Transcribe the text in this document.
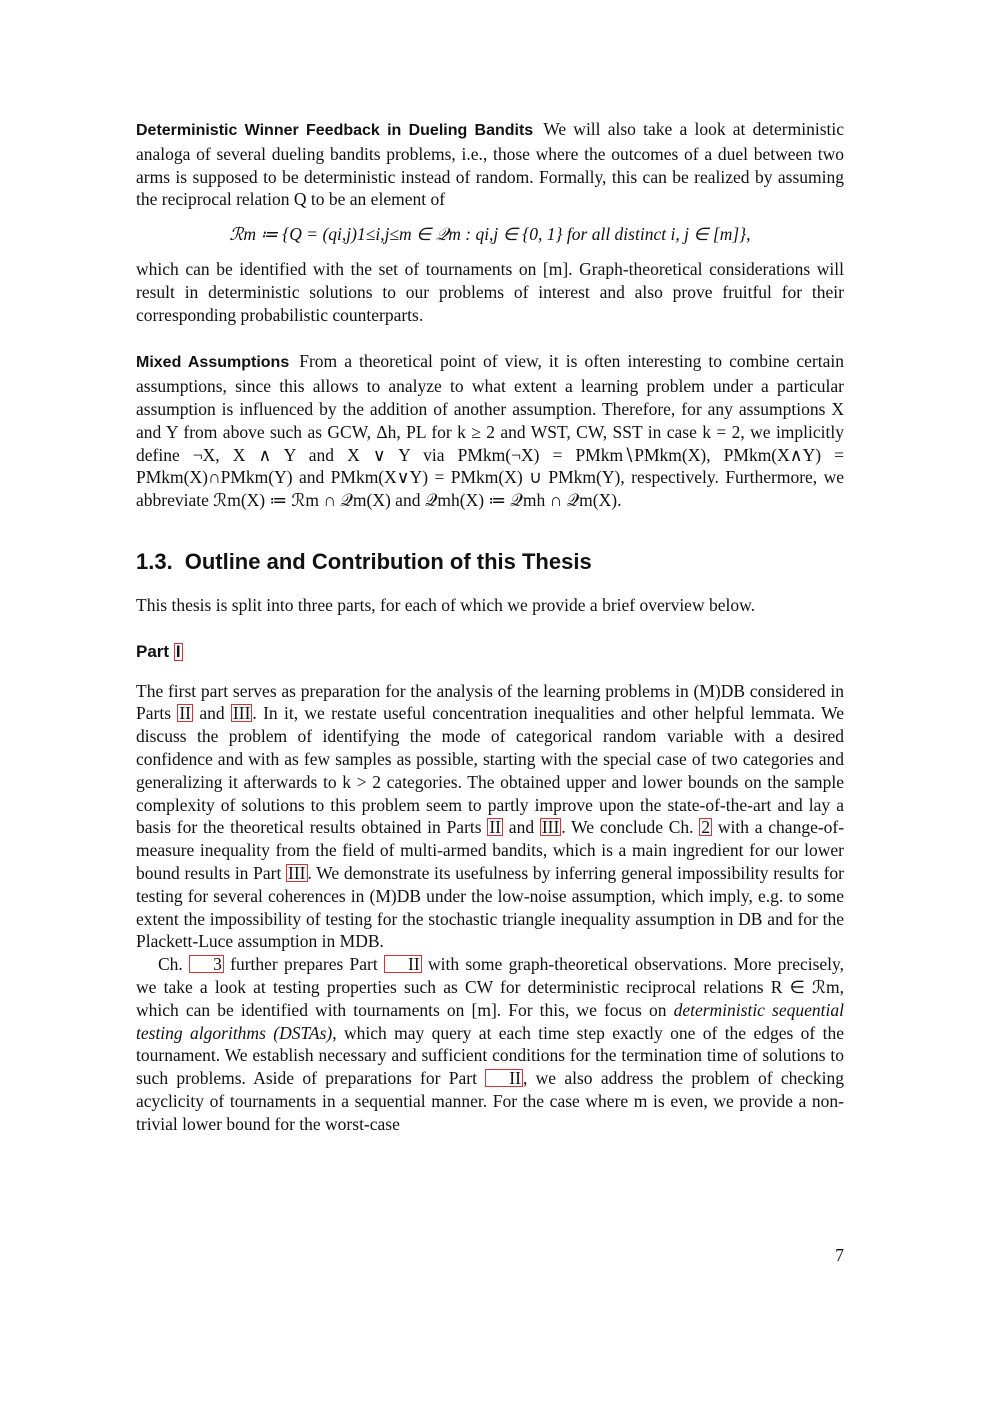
Deterministic Winner Feedback in Dueling Bandits We will also take a look at deterministic analoga of several dueling bandits problems, i.e., those where the outcomes of a duel between two arms is supposed to be deterministic instead of random. Formally, this can be realized by assuming the reciprocal relation Q to be an element of

ℛm ≔ {Q = (qi,j)1≤i,j≤m ∈ 𝒬m : qi,j ∈ {0, 1} for all distinct i, j ∈ [m]},

which can be identified with the set of tournaments on [m]. Graph-theoretical considerations will result in deterministic solutions to our problems of interest and also prove fruitful for their corresponding probabilistic counterparts.

Mixed Assumptions From a theoretical point of view, it is often interesting to combine certain assumptions, since this allows to analyze to what extent a learning problem under a particular assumption is influenced by the addition of another assumption. Therefore, for any assumptions X and Y from above such as GCW, Δh, PL for k ≥ 2 and WST, CW, SST in case k = 2, we implicitly define ¬X, X ∧ Y and X ∨ Y via PMkm(¬X) = PMkm∖PMkm(X), PMkm(X∧Y) = PMkm(X)∩PMkm(Y) and PMkm(X∨Y) = PMkm(X) ∪ PMkm(Y), respectively. Furthermore, we abbreviate ℛm(X) ≔ ℛm ∩ 𝒬m(X) and 𝒬mh(X) ≔ 𝒬mh ∩ 𝒬m(X).

1.3. Outline and Contribution of this Thesis

This thesis is split into three parts, for each of which we provide a brief overview below.

Part I

The first part serves as preparation for the analysis of the learning problems in (M)DB considered in Parts II and III . In it, we restate useful concentration inequalities and other helpful lemmata. We discuss the problem of identifying the mode of categorical random variable with a desired confidence and with as few samples as possible, starting with the special case of two categories and generalizing it afterwards to k > 2 categories. The obtained upper and lower bounds on the sample complexity of solutions to this problem seem to partly improve upon the state-of-the-art and lay a basis for the theoretical results obtained in Parts II and III . We conclude Ch. 2 with a change-of-measure inequality from the field of multi-armed bandits, which is a main ingredient for our lower bound results in Part III . We demonstrate its usefulness by inferring general impossibility results for testing for several coherences in (M)DB under the low-noise assumption, which imply, e.g. to some extent the impossibility of testing for the stochastic triangle inequality assumption in DB and for the Plackett-Luce assumption in MDB.

Ch. 3 further prepares Part II with some graph-theoretical observations. More precisely, we take a look at testing properties such as CW for deterministic reciprocal relations R ∈ ℛm, which can be identified with tournaments on [m]. For this, we focus on deterministic sequential testing algorithms (DSTAs), which may query at each time step exactly one of the edges of the tournament. We establish necessary and sufficient conditions for the termination time of solutions to such problems. Aside of preparations for Part II , we also address the problem of checking acyclicity of tournaments in a sequential manner. For the case where m is even, we provide a non-trivial lower bound for the worst-case

7
